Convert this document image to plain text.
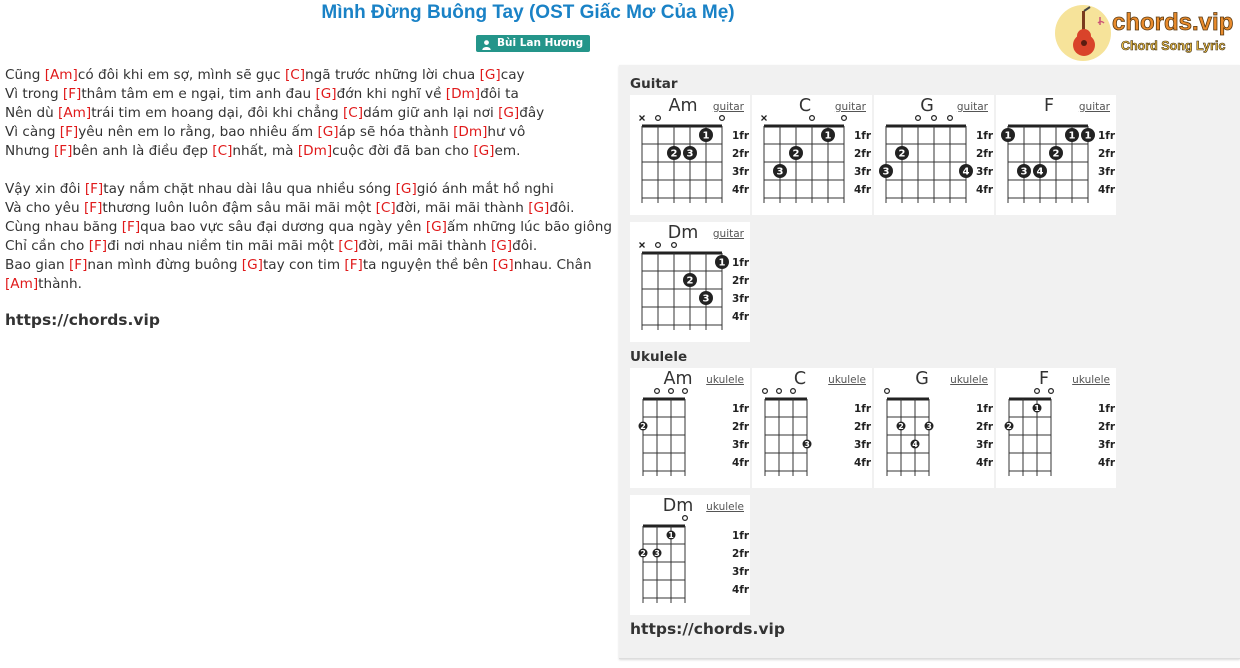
Mình Đừng Buông Tay (OST Giấc Mơ Của Mẹ)
Bùi Lan Hương
chords.vip
Chord Song Lyric
Cũng [Am]có đôi khi em sợ, mình sẽ gục [C]ngã trước những lời chua [G]cay
Vì trong [F]thâm tâm em e ngại, tim anh đau [G]đớn khi nghĩ về [Dm]đôi ta
Nên dù [Am]trái tim em hoang dại, đôi khi chẳng [C]dám giữ anh lại nơi [G]đây
Vì càng [F]yêu nên em lo rằng, bao nhiêu ấm [G]áp sẽ hóa thành [Dm]hư vô
Nhưng [F]bên anh là điều đẹp [C]nhất, mà [Dm]cuộc đời đã ban cho [G]em.
Vậy xin đôi [F]tay nắm chặt nhau dài lâu qua nhiều sóng [G]gió ánh mắt hồ nghi
Và cho yêu [F]thương luôn luôn đậm sâu mãi mãi một [C]đời, mãi mãi thành [G]đôi.
Cùng nhau băng [F]qua bao vực sâu đại dương qua ngày yên [G]ấm những lúc bão giông
Chỉ cần cho [F]đi nơi nhau niềm tin mãi mãi một [C]đời, mãi mãi thành [G]đôi.
Bao gian [F]nan mình đừng buông [G]tay con tim [F]ta nguyện thề bên [G]nhau. Chân
[Am]thành.
https://chords.vip
Guitar
Ukulele
https://chords.vip
1
2 3
1fr
2fr
3fr
4fr
Am	guitar
1
2
3
1fr
2fr
3fr
4fr
C	guitar
2
3	4
1fr
2fr
3fr
4fr
G	guitar
1	1 1
2
3 4
1fr
2fr
3fr
4fr
F	guitar
1
2
3
1fr
2fr
3fr
4fr
Dm	guitar
2
1fr
2fr
3fr
4fr
Am	ukulele
3
1fr
2fr
3fr
4fr
C	ukulele
2	3
4
1fr
2fr
3fr
4fr
G	ukulele
2
1	1fr
2fr
3fr
4fr
F	ukulele
2 3
1	1fr
2fr
3fr
4fr
Dm	ukulele
